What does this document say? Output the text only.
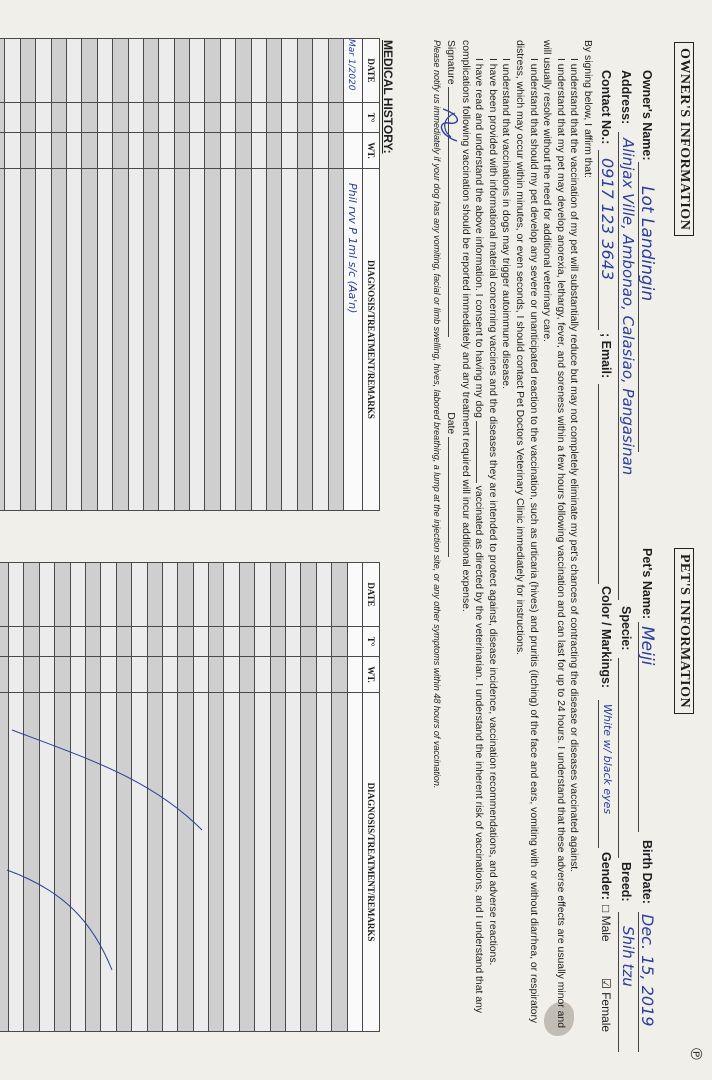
OWNER'S INFORMATION
Owner's Name:
Lot Landingin
Address:
Alinjax Ville, Ambonao, Calasiao, Pangasinan
Contact No.:
0917 123 3643
; Email:
PET'S INFORMATION
Pet's Name:
Meiji
Birth Date:
Dec. 15, 2019
Specie:
Breed:
Shih tzu
Color / Markings:
White w/ black eyes
Gender:
□ Male
☑ Female
℗

By signing below, I affirm that:

I understand that the vaccination of my pet will substantially reduce but may not completely eliminate my pet's chances of contracting the disease or diseases vaccinated against.

I understand that my pet may develop anorexia, lethargy, fever, and soreness within a few hours following vaccination and can last for up to 24 hours. I understand that these adverse effects are usually minor and will usually resolve without the need for additional veterinary care.

I understand that should my pet develop any severe or unanticipated reaction to the vaccination, such as urticaria (hives) and pruritis (itching) of the face and ears, vomiting with or without diarrhea, or respiratory distress, which may occur within minutes, or even seconds, I should contact Pet Doctors Veterinary Clinic immediately for instructions.

I understand that vaccinations in dogs may trigger autoimmune disease.

I have been provided with informational material concerning vaccines and the diseases they are intended to protect against, disease incidence, vaccination recommendations, and adverse reactions.

I have read and understand the above information. I consent to having my dog  vaccinated as directed by the veterinarian. I understand the inherent risk of vaccinations, and I understand that any complications following vaccination should be reported immediately and any treatment required will incur additional expense.

Signature
Date

Please notify us immediately if your dog has any vomiting, facial or limb swelling, hives, labored breathing, a lump at the injection site, or any other symptoms within 48 hours of vaccination.

MEDICAL HISTORY:
DATE	T°	WT.	DIAGNOSIS/TREATMENT/REMARKS
Mar 1/2020			Phil rvv P 1ml s/c (Aa'n)

DATE	T°	WT.	DIAGNOSIS/TREATMENT/REMARKS
